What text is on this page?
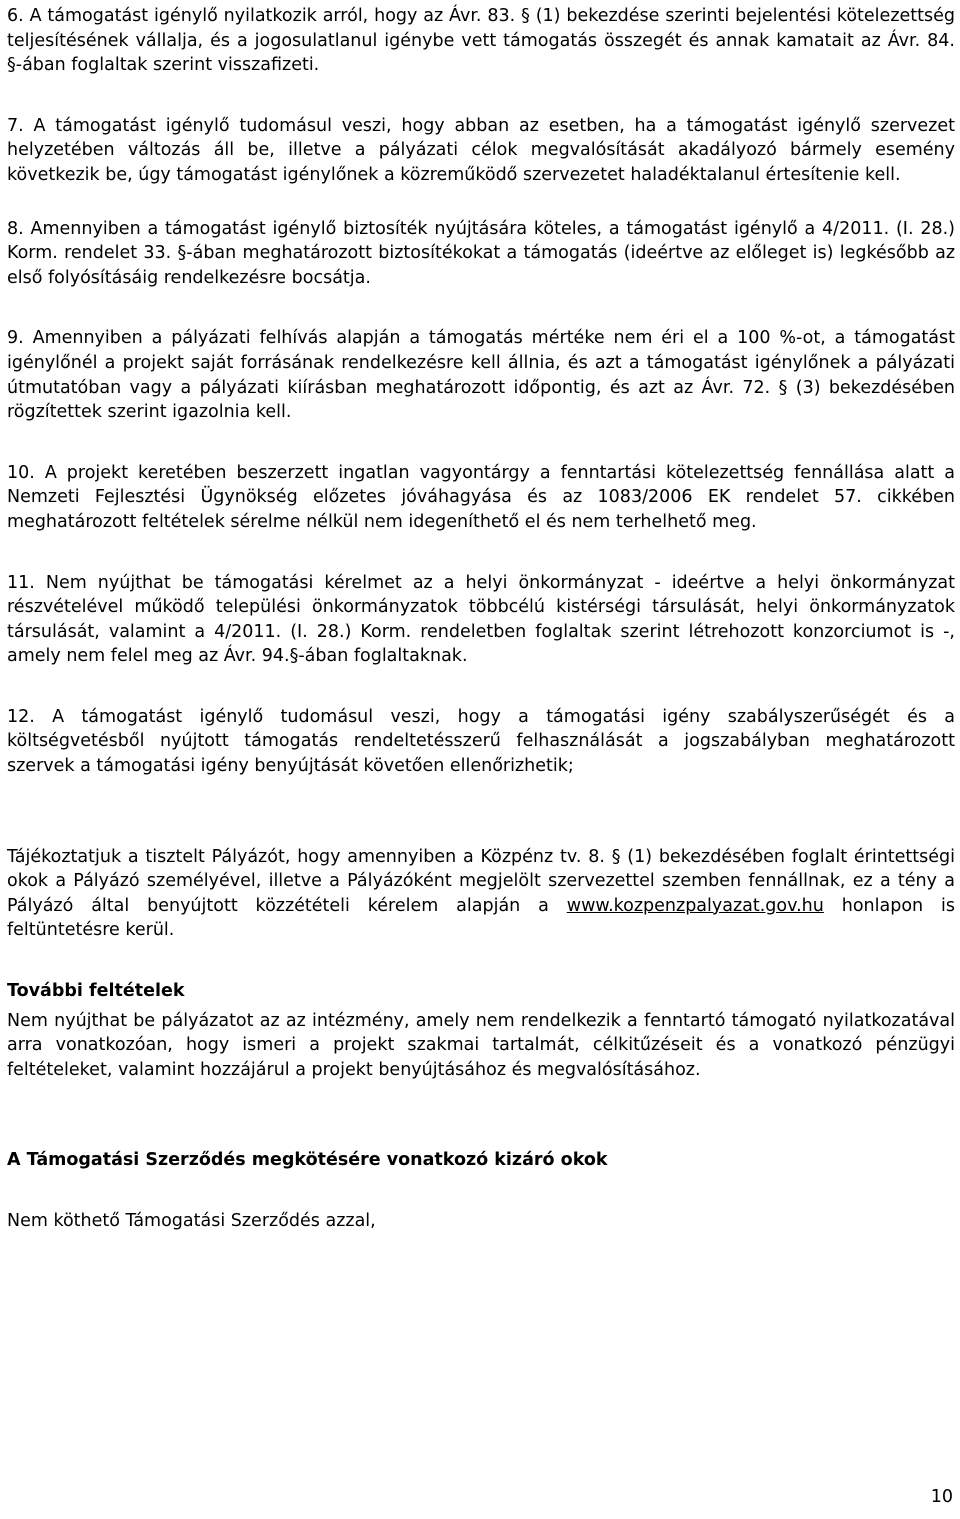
6. A támogatást igénylő nyilatkozik arról, hogy az Ávr. 83. § (1) bekezdése szerinti bejelentési kötelezettség teljesítésének vállalja, és a jogosulatlanul igénybe vett támogatás összegét és annak kamatait az Ávr. 84. §-ában foglaltak szerint visszafizeti.

7. A támogatást igénylő tudomásul veszi, hogy abban az esetben, ha a támogatást igénylő szervezet helyzetében változás áll be, illetve a pályázati célok megvalósítását akadályozó bármely esemény következik be, úgy támogatást igénylőnek a közreműködő szervezetet haladéktalanul értesítenie kell.

8. Amennyiben a támogatást igénylő biztosíték nyújtására köteles, a támogatást igénylő a 4/2011. (I. 28.) Korm. rendelet 33. §-ában meghatározott biztosítékokat a támogatás (ideértve az előleget is) legkésőbb az első folyósításáig rendelkezésre bocsátja.

9. Amennyiben a pályázati felhívás alapján a támogatás mértéke nem éri el a 100 %-ot, a támogatást igénylőnél a projekt saját forrásának rendelkezésre kell állnia, és azt a támogatást igénylőnek a pályázati útmutatóban vagy a pályázati kiírásban meghatározott időpontig, és azt az Ávr. 72. § (3) bekezdésében rögzítettek szerint igazolnia kell.

10. A projekt keretében beszerzett ingatlan vagyontárgy a fenntartási kötelezettség fennállása alatt a Nemzeti Fejlesztési Ügynökség előzetes jóváhagyása és az 1083/2006 EK rendelet 57. cikkében meghatározott feltételek sérelme nélkül nem idegeníthető el és nem terhelhető meg.

11. Nem nyújthat be támogatási kérelmet az a helyi önkormányzat - ideértve a helyi önkormányzat részvételével működő települési önkormányzatok többcélú kistérségi társulását, helyi önkormányzatok társulását, valamint a 4/2011. (I. 28.) Korm. rendeletben foglaltak szerint létrehozott konzorciumot is -, amely nem felel meg az Ávr. 94.§-ában foglaltaknak.

12. A támogatást igénylő tudomásul veszi, hogy a támogatási igény szabályszerűségét és a költségvetésből nyújtott támogatás rendeltetésszerű felhasználását a jogszabályban meghatározott szervek a támogatási igény benyújtását követően ellenőrizhetik;

Tájékoztatjuk a tisztelt Pályázót, hogy amennyiben a Közpénz tv. 8. § (1) bekezdésében foglalt érintettségi okok a Pályázó személyével, illetve a Pályázóként megjelölt szervezettel szemben fennállnak, ez a tény a Pályázó által benyújtott közzétételi kérelem alapján a www.kozpenzpalyazat.gov.hu honlapon is feltüntetésre kerül.

További feltételek

Nem nyújthat be pályázatot az az intézmény, amely nem rendelkezik a fenntartó támogató nyilatkozatával arra vonatkozóan, hogy ismeri a projekt szakmai tartalmát, célkitűzéseit és a vonatkozó pénzügyi feltételeket, valamint hozzájárul a projekt benyújtásához és megvalósításához.

A Támogatási Szerződés megkötésére vonatkozó kizáró okok

Nem köthető Támogatási Szerződés azzal,

10
